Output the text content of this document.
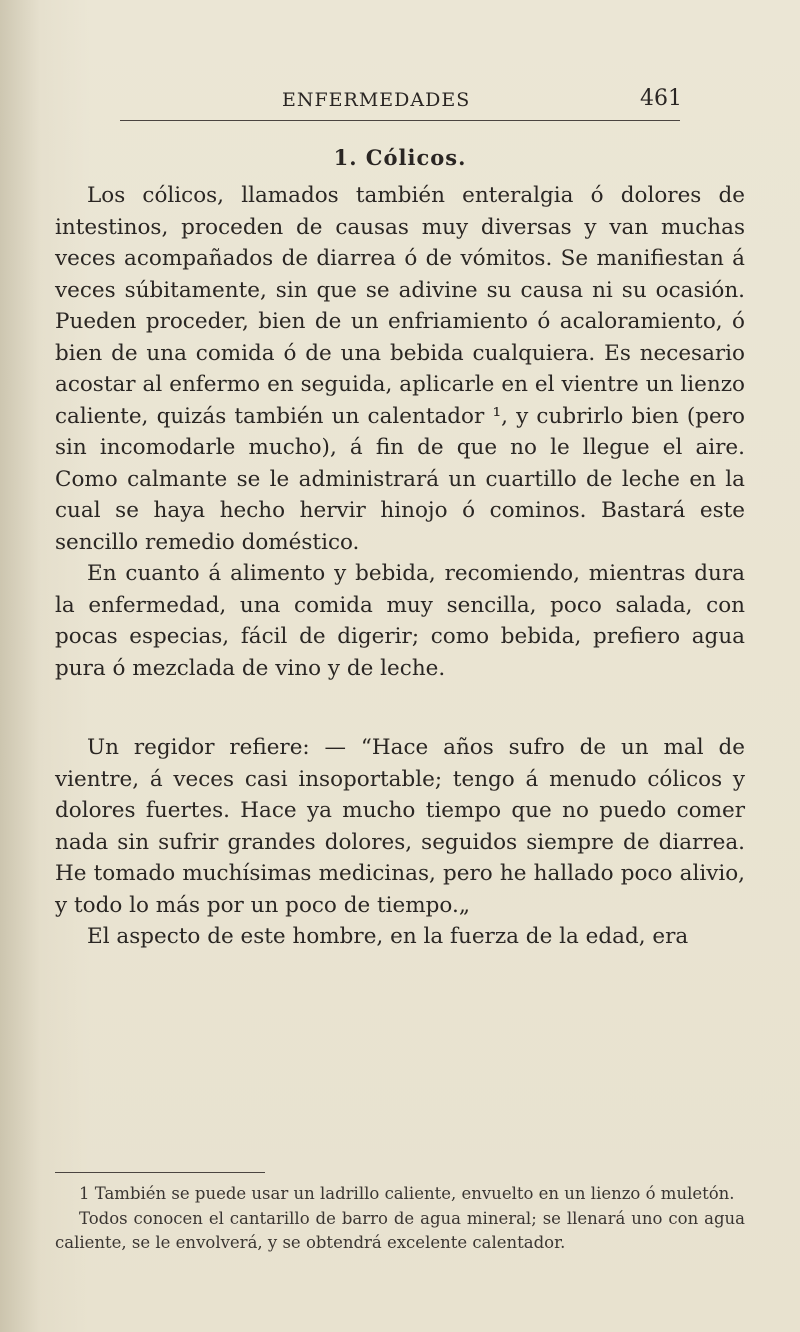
ENFERMEDADES	461
1. Cólicos.

Los cólicos, llamados también enteralgia ó dolores de intestinos, proceden de causas muy diversas y van muchas veces acompañados de diarrea ó de vómitos. Se manifiestan á veces súbitamente, sin que se adivine su causa ni su ocasión. Pueden proceder, bien de un enfriamiento ó acaloramiento, ó bien de una comida ó de una bebida cualquiera. Es necesario acostar al enfermo en seguida, aplicarle en el vientre un lienzo caliente, quizás también un calentador ¹, y cubrirlo bien (pero sin incomodarle mucho), á fin de que no le llegue el aire. Como calmante se le administrará un cuartillo de leche en la cual se haya hecho hervir hinojo ó cominos. Bastará este sencillo remedio doméstico.

En cuanto á alimento y bebida, recomiendo, mientras dura la enfermedad, una comida muy sencilla, poco salada, con pocas especias, fácil de digerir; como bebida, prefiero agua pura ó mezclada de vino y de leche.

Un regidor refiere: — “Hace años sufro de un mal de vientre, á veces casi insoportable; tengo á menudo cólicos y dolores fuertes. Hace ya mucho tiempo que no puedo comer nada sin sufrir grandes dolores, seguidos siempre de diarrea. He tomado muchísimas medicinas, pero he hallado poco alivio, y todo lo más por un poco de tiempo.„

El aspecto de este hombre, en la fuerza de la edad, era

1 También se puede usar un ladrillo caliente, envuelto en un lienzo ó muletón.

Todos conocen el cantarillo de barro de agua mineral; se llenará uno con agua caliente, se le envolverá, y se obtendrá excelente calentador.
